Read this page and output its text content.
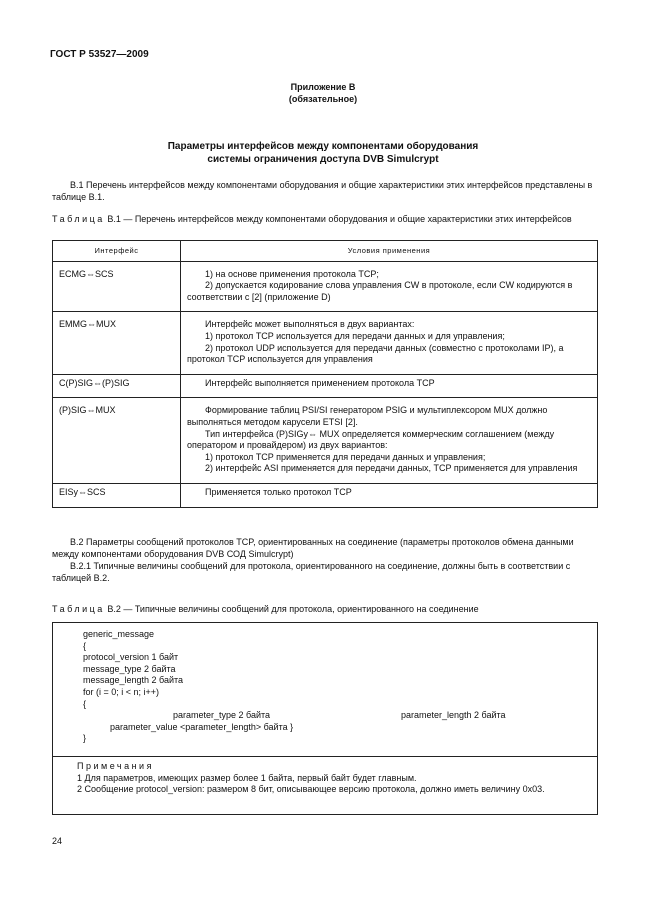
ГОСТ Р 53527—2009
Приложение В
(обязательное)
Параметры интерфейсов между компонентами оборудования
системы ограничения доступа DVB Simulcrypt
В.1 Перечень интерфейсов между компонентами оборудования и общие характеристики этих интерфейсов представлены в таблице В.1.
Таблица В.1 — Перечень интерфейсов между компонентами оборудования и общие характеристики этих интерфейсов
Интерфейс	Условия применения
ECMG⇔SCS	1) на основе применения протокола TCP;
2) допускается кодирование слова управления CW в протоколе, если CW кодируются в соответствии с [2] (приложение D)

EMMG⇔MUX	Интерфейс может выполняться в двух вариантах:
1) протокол TCP используется для передачи данных и для управления;
2) протокол UDP используется для передачи данных (совместно с протоколами IP), а протокол TCP используется для управления

C(P)SIG⇔(P)SIG	Интерфейс выполняется применением протокола TCP

(P)SIG⇔MUX	Формирование таблиц PSI/SI генератором PSIG и мультиплексором MUX должно выполняться методом карусели ETSI [2].
Тип интерфейса (P)SIGy⇔ MUX определяется коммерческим соглашением (между оператором и провайдером) из двух вариантов:
1) протокол TCP применяется для передачи данных и управления;
2) интерфейс ASI применяется для передачи данных, TCP применяется для управления

EISy⇔SCS	Применяется только протокол TCP
В.2 Параметры сообщений протоколов TCP, ориентированных на соединение (параметры протоколов обмена данными между компонентами оборудования DVB СОД Simulcrypt)
В.2.1 Типичные величины сообщений для протокола, ориентированного на соединение, должны быть в соответствии с таблицей В.2.
Таблица В.2 — Типичные величины сообщений для протокола, ориентированного на соединение
generic_message
{
protocol_version 1 байт
message_type 2 байта
message_length 2 байта
for (i = 0; i < n; i++)
{
parameter_type 2 байта	parameter_length 2 байта
parameter_value <parameter_length> байта }
}
Примечания
1 Для параметров, имеющих размер более 1 байта, первый байт будет главным.
2 Сообщение protocol_version: размером 8 бит, описывающее версию протокола, должно иметь величину 0x03.
24
